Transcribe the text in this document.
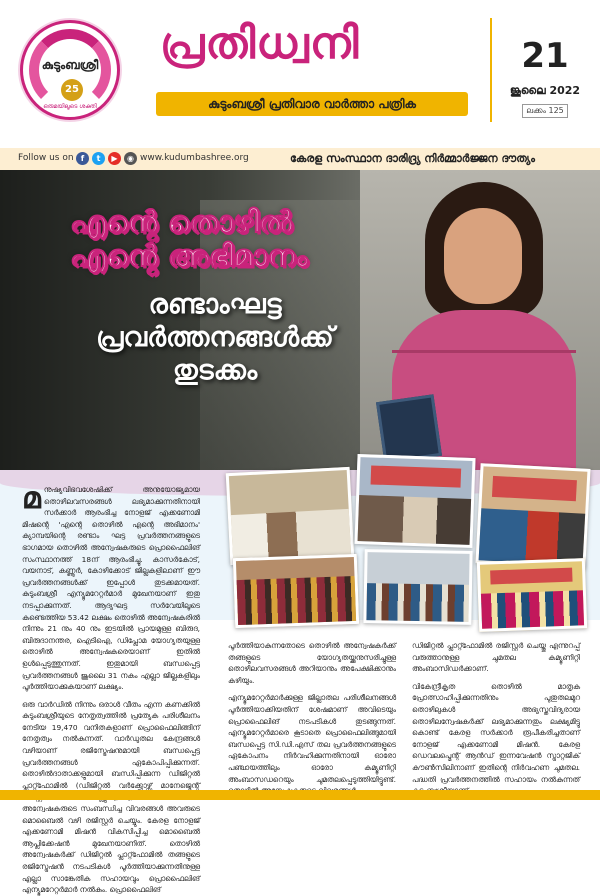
കുടുംബശ്രീ
25
ഒരുമയിലൂടെ ശക്തി
പ്രതിധ്വനി
കുടുംബശ്രീ പ്രതിവാര വാർത്താ പത്രിക
21
ജൂലൈ 2022
ലക്കം 125
Follow us on f	t	▶	◉ www.kudumbashree.org	കേരള സംസ്ഥാന ദാരിദ്ര്യ നിർമ്മാർജ്ജന ദൗത്യം
എന്റെ തൊഴിൽ
എന്റെ അഭിമാനം
രണ്ടാംഘട്ട
പ്രവർത്തനങ്ങൾക്ക്
തുടക്കം

മനുഷ്യവിഭവശേഷിക്ക് അനുയോജ്യമായ തൊഴിലവസരങ്ങൾ ലഭ്യമാക്കുന്നതിനായി സർക്കാർ ആരംഭിച്ച നോളജ് എക്കണോമി മിഷന്റെ 'എന്റെ തൊഴിൽ എന്റെ അഭിമാനം' ക്യാമ്പയിന്റെ രണ്ടാം ഘട്ട പ്രവർത്തനങ്ങളുടെ ഭാഗമായ തൊഴിൽ അന്വേഷകരുടെ പ്രൊഫൈലിങ് സംസ്ഥാനത്ത് 18ന് ആരംഭിച്ചു. കാസർകോട്, വയനാട്, കണ്ണൂർ, കോഴിക്കോട് ജില്ലകളിലാണ് ഈ പ്രവർത്തനങ്ങൾക്ക് ഇപ്പോൾ തുടക്കമായത്. കുടുംബശ്രീ എന്യൂമറേറ്റർമാർ മുഖേനയാണ് ഇതു നടപ്പാക്കുന്നത്. ആദ്യഘട്ട സർവേയിലൂടെ കണ്ടെത്തിയ 53.42 ലക്ഷം തൊഴിൽ അന്വേഷകരിൽ നിന്നും 21 നും 40 നും ഇടയിൽ പ്രായമുള്ള ബിരുദ, ബിരുദാനന്തര, ഐടിഐ, ഡിപ്ലോമ യോഗ്യതയുള്ള തൊഴിൽ അന്വേഷകരെയാണ് ഇതിൽ ഉൾപ്പെടുത്തുന്നത്. ഇതുമായി ബന്ധപ്പെട്ട പ്രവർത്തനങ്ങൾ ജൂലൈ 31 നകം എല്ലാ ജില്ലകളിലും പൂർത്തിയാക്കുകയാണ് ലക്ഷ്യം.

ഒരു വാർഡിൽ നിന്നും ഒരാൾ വീതം എന്ന കണക്കിൽ കുടുംബശ്രീയുടെ നേതൃത്വത്തിൽ പ്രത്യേക പരിശീലനം നേടിയ 19,470 വനിതകളാണ് പ്രൊഫൈലിങ്ങിന് നേതൃത്വം നൽകുന്നത്. വാർഡുതല കേന്ദ്രങ്ങൾ വഴിയാണ് രജിസ്ട്രേഷനുമായി ബന്ധപ്പെട്ട പ്രവർത്തനങ്ങൾ ഏകോപിപ്പിക്കുന്നത്. തൊഴിൽദാതാക്കളുമായി ബന്ധിപ്പിക്കുന്ന ഡിജിറ്റൽ പ്ലാറ്റ്ഫോമിൽ (ഡിജിറ്റൽ വർക്ക്ഫോഴ്സ് മാനേജ്മെന്റ് അന്വേഷകരുടെ സംബന്ധിച്ച വിവരങ്ങൾ അവരുടെ മൊബൈൽ വഴി രജിസ്റ്റർ ചെയ്യും. കേരള നോളജ് എക്കണോമി മിഷൻ വികസിപ്പിച്ച മൊബൈൽ ആപ്ലിക്കേഷൻ മുഖേനയാണിത്. തൊഴിൽ അന്വേഷകർക്ക് ഡിജിറ്റൽ പ്ലാറ്റ്ഫോമിൽ തങ്ങളുടെ രജിസ്ട്രേഷൻ നടപടികൾ പൂർത്തിയാക്കുന്നതിനുള്ള എല്ലാ സാങ്കേതിക സഹായവും പ്രൊഫൈലിങ് എന്യൂമറേറ്റർമാർ നൽകും. പ്രൊഫൈലിങ്

പൂർത്തിയാകുന്നതോടെ തൊഴിൽ അന്വേഷകർക്ക് തങ്ങളുടെ യോഗ്യതയ്ക്കനുസരിച്ചുള്ള തൊഴിലവസരങ്ങൾ അറിയാനും അപേക്ഷിക്കാനും കഴിയും.

എന്യൂമറേറ്റർമാർക്കുള്ള ജില്ലാതല പരിശീലനങ്ങൾ പൂർത്തിയാക്കിയതിന് ശേഷമാണ് അവിടെയും പ്രൊഫൈലിങ് നടപടികൾ തുടങ്ങുന്നത്. എന്യൂമറേറ്റർമാരെ കൂടാതെ പ്രൊഫൈലിങ്ങുമായി ബന്ധപ്പെട്ട സി.ഡി.എസ് തല പ്രവർത്തനങ്ങളുടെ ഏകോപനം നിർവഹിക്കുന്നതിനായി ഓരോ പഞ്ചായത്തിലും ഓരോ കമ്യൂണിറ്റി അംബാസഡറെയും ചുമതലപ്പെടുത്തിയിട്ടുണ്ട്.

ഡിജിറ്റൽ പ്ലാറ്റ്ഫോമിൽ രജിസ്റ്റർ ചെയ്തു എന്നുറപ്പ് വരുത്താനുള്ള ചുമതല കമ്യൂണിറ്റി അംബാസിഡർക്കാണ്.

വികേന്ദ്രീകൃത തൊഴിൽ മാതൃക പ്രോത്സാഹിപ്പിക്കുന്നതിനും പുതുതലമുറ തൊഴിലുകൾ അഭ്യസ്തവിദ്യരായ തൊഴിലന്വേഷകർക്ക് ലഭ്യമാക്കുന്നതും ലക്ഷ്യമിട്ടു കൊണ്ട് കേരള സർക്കാർ രൂപീകരിച്ചതാണ് നോളജ് എക്കണോമി മിഷൻ. കേരള ഡെവലപ്മെന്റ് ആൻഡ് ഇന്നവേഷൻ സ്ട്രാറ്റജിക് കൗൺസിലിനാണ് ഇതിന്റെ നിർവഹണ ചുമതല. പദ്ധതി പ്രവർത്തനത്തിൽ സഹായം നൽകുന്നത്
